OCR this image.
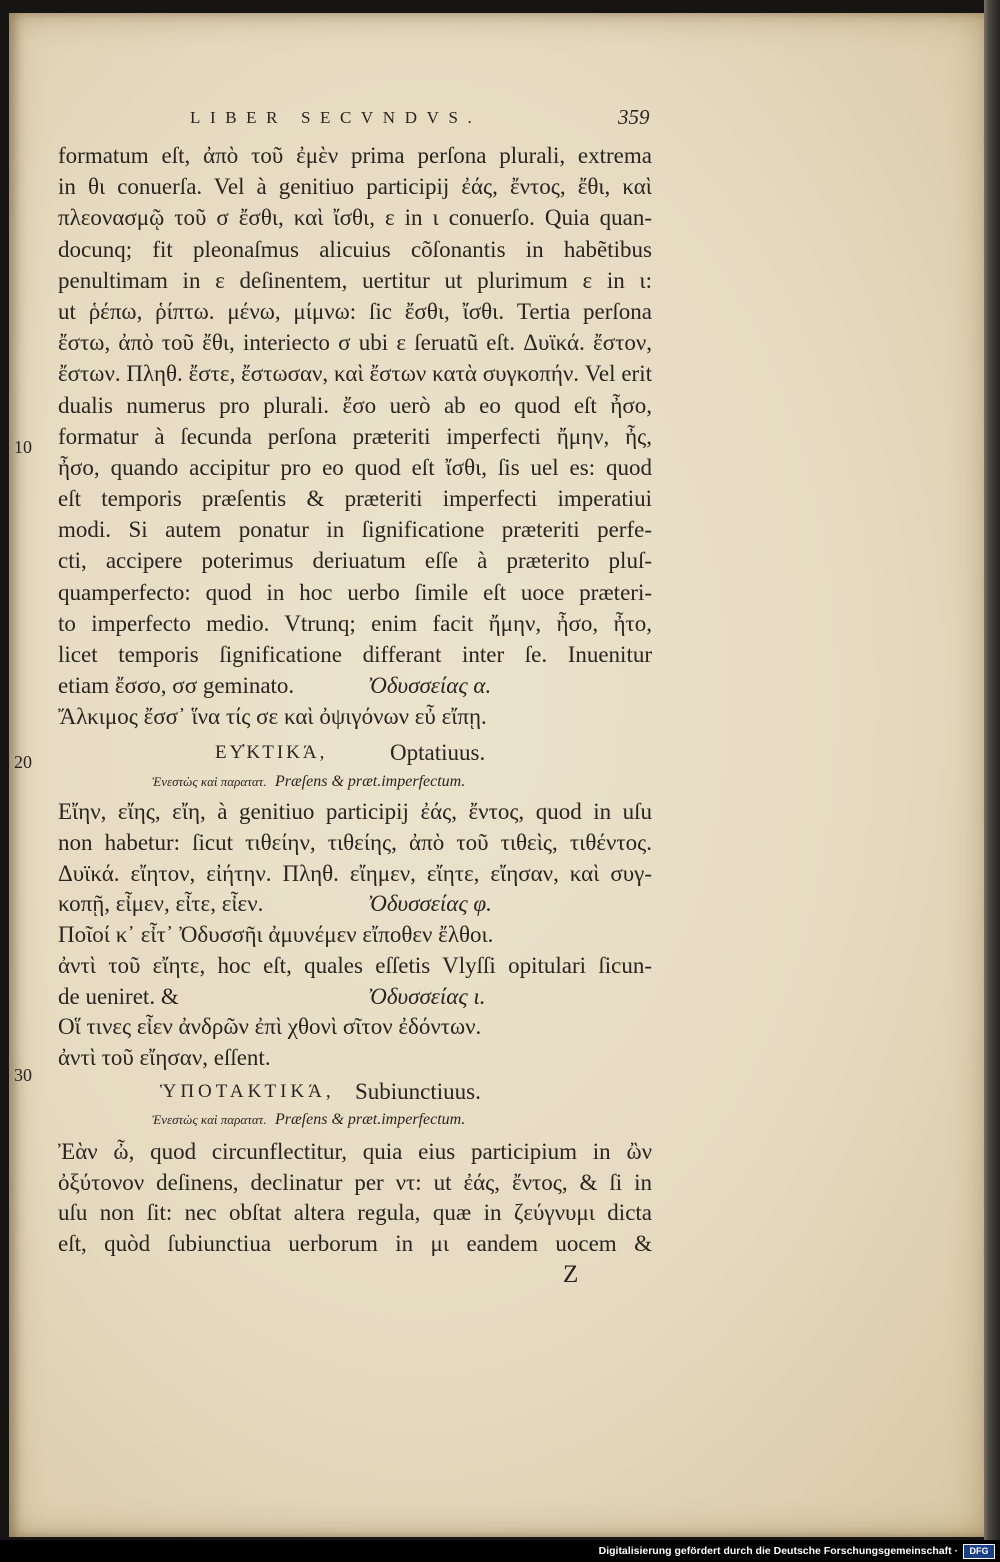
LIBER SECVNDVS.	359
10
20
30
formatum eſt, ἀπὸ τοῦ ἐμὲν prima perſona plurali, extrema
in θι conuerſa. Vel à genitiuo participij ἐάς, ἔντος, ἔθι, καὶ
πλεονασμῷ τοῦ σ ἔσθι, καὶ ἴσθι, ε in ι conuerſo. Quia quan-
docunq; fit pleonaſmus alicuius cõſonantis in habẽtibus
penultimam in ε deſinentem, uertitur ut plurimum ε in ι:
ut ῥέπω, ῥίπτω. μένω, μίμνω: ſic ἔσθι, ἴσθι. Tertia perſona
ἔστω, ἀπὸ τοῦ ἔθι, interiecto σ ubi ε ſeruatũ eſt. Δυϊκά. ἔστον,
ἔστων. Πληθ. ἔστε, ἔστωσαν, καὶ ἔστων κατὰ συγκοπήν. Vel erit
dualis numerus pro plurali. ἔσο uerò ab eo quod eſt ἦσο,
formatur à ſecunda perſona præteriti imperfecti ἤμην, ἦς,
ἦσο, quando accipitur pro eo quod eſt ἴσθι, ſis uel es: quod
eſt temporis præſentis & præteriti imperfecti imperatiui
modi. Si autem ponatur in ſignificatione præteriti perfe-
cti, accipere poterimus deriuatum eſſe à præterito pluſ-
quamperfecto: quod in hoc uerbo ſimile eſt uoce præteri-
to imperfecto medio. Vtrunq; enim facit ἤμην, ἦσο, ἦτο,
licet temporis ſignificatione differant inter ſe. Inuenitur
etiam ἔσσο, σσ geminato.	Ὀδυσσείας α.
Ἄλκιμος ἔσσ᾽ ἵνα τίς σε καὶ ὀψιγόνων εὖ εἴπῃ.
ΕΥ̓ΚΤΙΚΆ,	Optatiuus.
Ἐνεστὼς καὶ παρατατ. Præſens & præt.imperfectum.
Εἴην, εἴης, εἴη, à genitiuo participij ἐάς, ἔντος, quod in uſu
non habetur: ſicut τιθείην, τιθείης, ἀπὸ τοῦ τιθεὶς, τιθέντος.
Δυϊκά. εἴητον, εἰήτην. Πληθ. εἴημεν, εἴητε, εἴησαν, καὶ συγ-
κοπῇ, εἶμεν, εἶτε, εἶεν.	Ὀδυσσείας φ.
Ποῖοί κ᾽ εἶτ᾽ Ὀδυσσῆι ἀμυνέμεν εἴποθεν ἔλθοι.
ἀντὶ τοῦ εἴητε, hoc eſt, quales eſſetis Vlyſſi opitulari ſicun-
de ueniret. &	Ὀδυσσείας ι.
Οἵ τινες εἶεν ἀνδρῶν ἐπὶ χθονὶ σῖτον ἐδόντων.
ἀντὶ τοῦ εἴησαν, eſſent.
ὙΠΟΤΑΚΤΙΚΆ, Subiunctiuus.
Ἐνεστὼς καὶ παρατατ. Præſens & præt.imperfectum.
Ἐὰν ὦ, quod circunflectitur, quia eius participium in ὢν
ὀξύτονον deſinens, declinatur per ντ: ut ἐάς, ἔντος, & ſi in
uſu non ſit: nec obſtat altera regula, quæ in ζεύγνυμι dicta
eſt, quòd ſubiunctiua uerborum in μι eandem uocem &
Z
Digitalisierung gefördert durch die Deutsche Forschungsgemeinschaft ·	DFG
